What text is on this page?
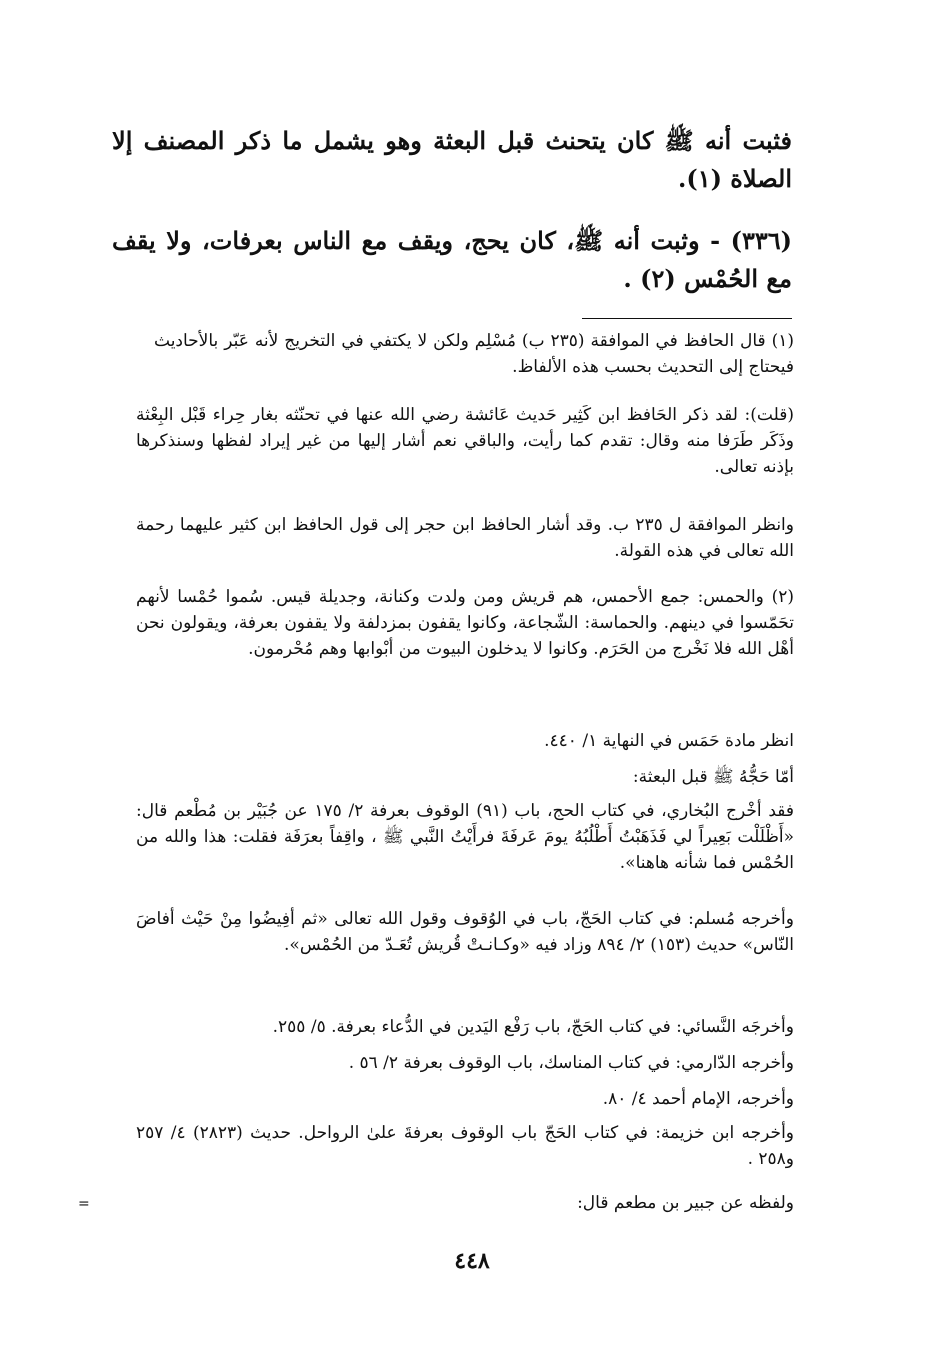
فثبت أنه ﷺ كان يتحنث قبل البعثة وهو يشمل ما ذكر المصنف إلا الصلاة (١).

(٣٣٦) - وثبت أنه ﷺ، كان يحج، ويقف مع الناس بعرفات، ولا يقف مع الحُمْس (٢) .

(١) قال الحافظ في الموافقة (٢٣٥ ب) مُسْلِم ولكن لا يكتفي في التخريج لأنه عَبّر بالأحاديث فيحتاج إلى التحديث بحسب هذه الألفاظ.
(قلت): لقد ذكر الحَافظ ابن كَثِير حَديث عَائشة رضي الله عنها في تحنّثه بغار حِراء قَبْل البِعْثة وذَكَر طَرَفا منه وقال: تقدم كما رأيت، والباقي نعم أشار إليها من غير إيراد لفظها وسنذكرها بإذنه تعالى.
وانظر الموافقة ل ٢٣٥ ب. وقد أشار الحافظ ابن حجر إلى قول الحافظ ابن كثير عليهما رحمة الله تعالى في هذه القولة.
(٢) والحمس: جمع الأحمس، هم قريش ومن ولدت وكنانة، وجديلة قيس. سُموا حُمْسا لأنهم تحَمّسوا في دينهم. والحماسة: الشّجاعة، وكانوا يقفون بمزدلفة ولا يقفون بعرفة، ويقولون نحن أهْل الله فلا نَخْرج من الحَرَم. وكانوا لا يدخلون البيوت من أبْوابها وهم مُحْرمون.
انظر مادة حَمَس في النهاية ١/ ٤٤٠.
أمّا حَجُّهُ ﷺ قبل البعثة:
فقد أخْرج البُخاري، في كتاب الحج، باب (٩١) الوقوف بعرفة ٢/ ١٧٥ عن جُبَيْر بن مُطْعم قال: «أَظْلَلْت بَعِيراً لي فَذَهَبْتُ أَطْلُبُهُ يومَ عَرفَةَ فرأَيْتُ النَّبي ﷺ ، واقِفاً بعرَفَة فقلت: هذا والله من الحُمْس فما شأنه هاهنا».
وأخرجه مُسلم: في كتاب الحَجّ، باب في الوُقوف وقول الله تعالى «ثم أفِيضُوا مِنْ حَيْث أفاضَ النّاس» حديث (١٥٣) ٢/ ٨٩٤ وزاد فيه «وكـانـتْ قُريش تُعَـدّ من الحُمْس».
وأخرجَه النَّسائي: في كتاب الحَجّ، باب رَفْع اليَدين في الدُّعاء بعرفة. ٥/ ٢٥٥.
وأخرجه الدّارمي: في كتاب المناسك، باب الوقوف بعرفة ٢/ ٥٦ .
وأخرجه، الإمام أحمد ٤/ ٨٠.
وأخرجه ابن خزيمة: في كتاب الحَجّ باب الوقوف بعرفةَ علىٰ الرواحل. حديث (٢٨٢٣) ٤/ ٢٥٧ و٢٥٨ .
ولفظه عن جبير بن مطعم قال:
=
٤٤٨
